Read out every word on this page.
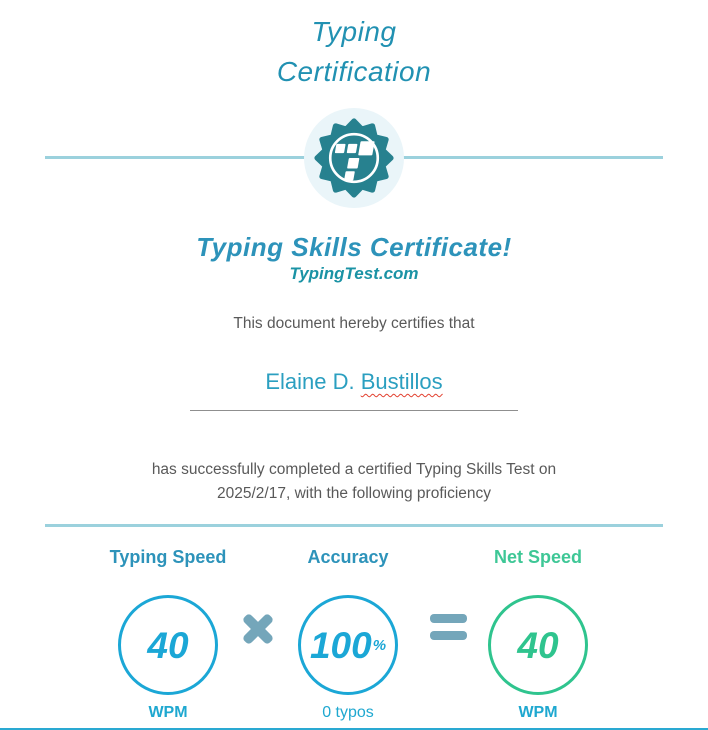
Typing
Certification
Typing Skills Certificate!
TypingTest.com
This document hereby certifies that
Elaine D. Bustillos
has successfully completed a certified Typing Skills Test on
2025/2/17, with the following proficiency
Typing Speed	Accuracy	Net Speed
40	100 %	40
WPM	0 typos	WPM
